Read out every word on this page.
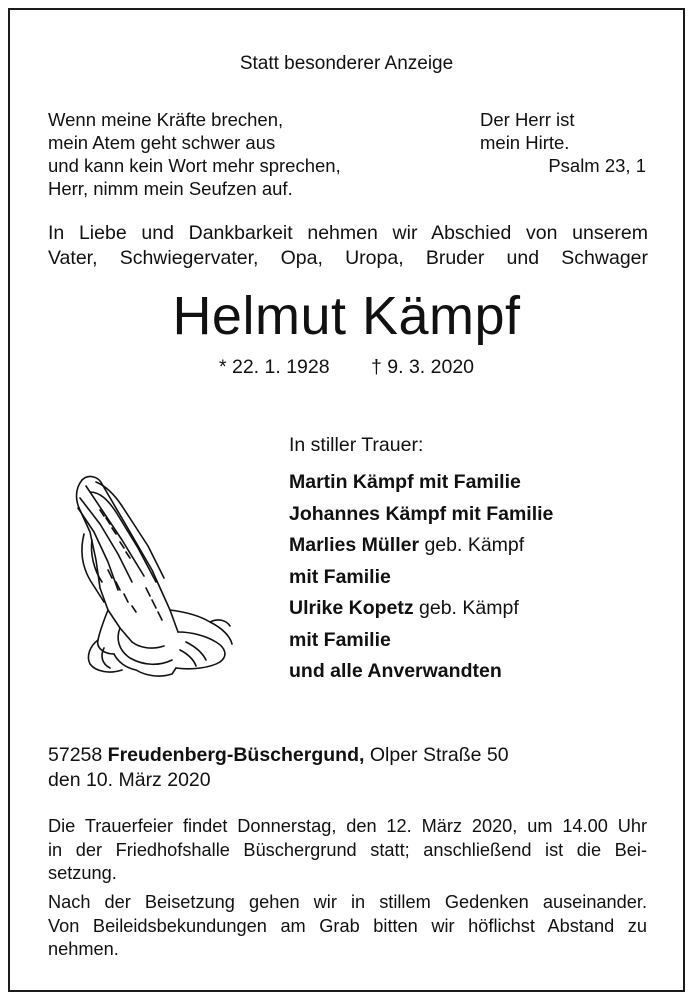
Statt besonderer Anzeige
Wenn meine Kräfte brechen,
mein Atem geht schwer aus
und kann kein Wort mehr sprechen,
Herr, nimm mein Seufzen auf.
Der Herr ist
mein Hirte.
Psalm 23, 1
In Liebe und Dankbarkeit nehmen wir Abschied von unserem
Vater, Schwiegervater, Opa, Uropa, Bruder und Schwager
Helmut Kämpf
* 22. 1. 1928 † 9. 3. 2020
In stiller Trauer:
Martin Kämpf mit Familie
Johannes Kämpf mit Familie
Marlies Müller geb. Kämpf
mit Familie
Ulrike Kopetz geb. Kämpf
mit Familie
und alle Anverwandten
57258 Freudenberg-Büschergund, Olper Straße 50
den 10. März 2020
Die Trauerfeier findet Donnerstag, den 12. März 2020, um 14.00 Uhr
in der Friedhofshalle Büschergrund statt; anschließend ist die Bei-
setzung.
Nach der Beisetzung gehen wir in stillem Gedenken auseinander.
Von Beileidsbekundungen am Grab bitten wir höflichst Abstand zu
nehmen.
